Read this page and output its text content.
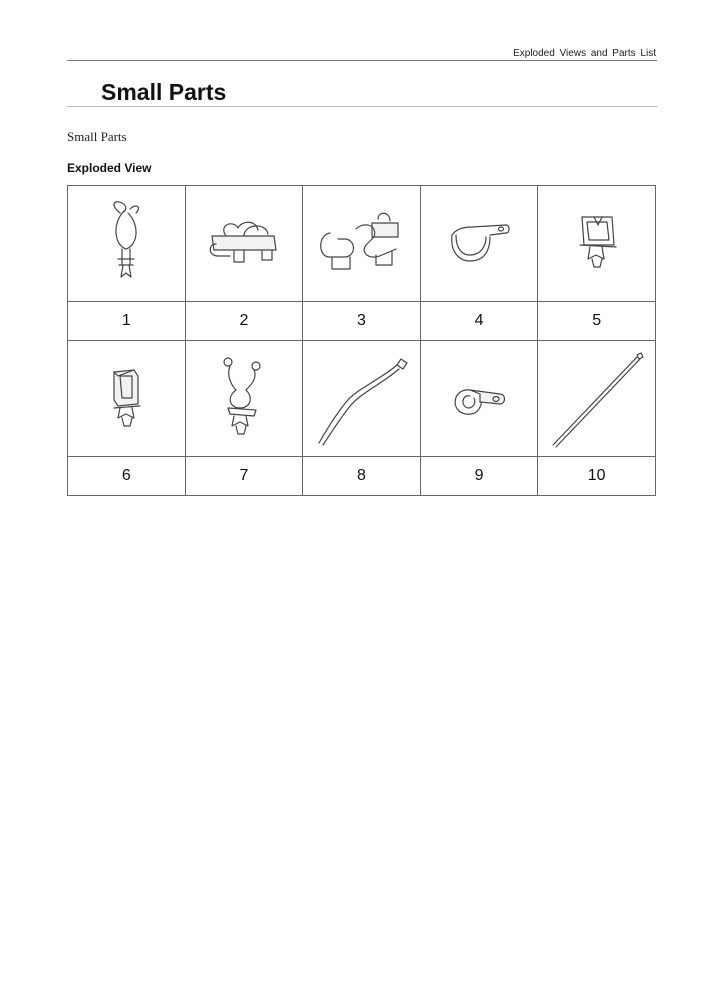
Exploded Views and Parts List
Small Parts
Small Parts
Exploded View

1	2	3	4	5

6	7	8	9	10
